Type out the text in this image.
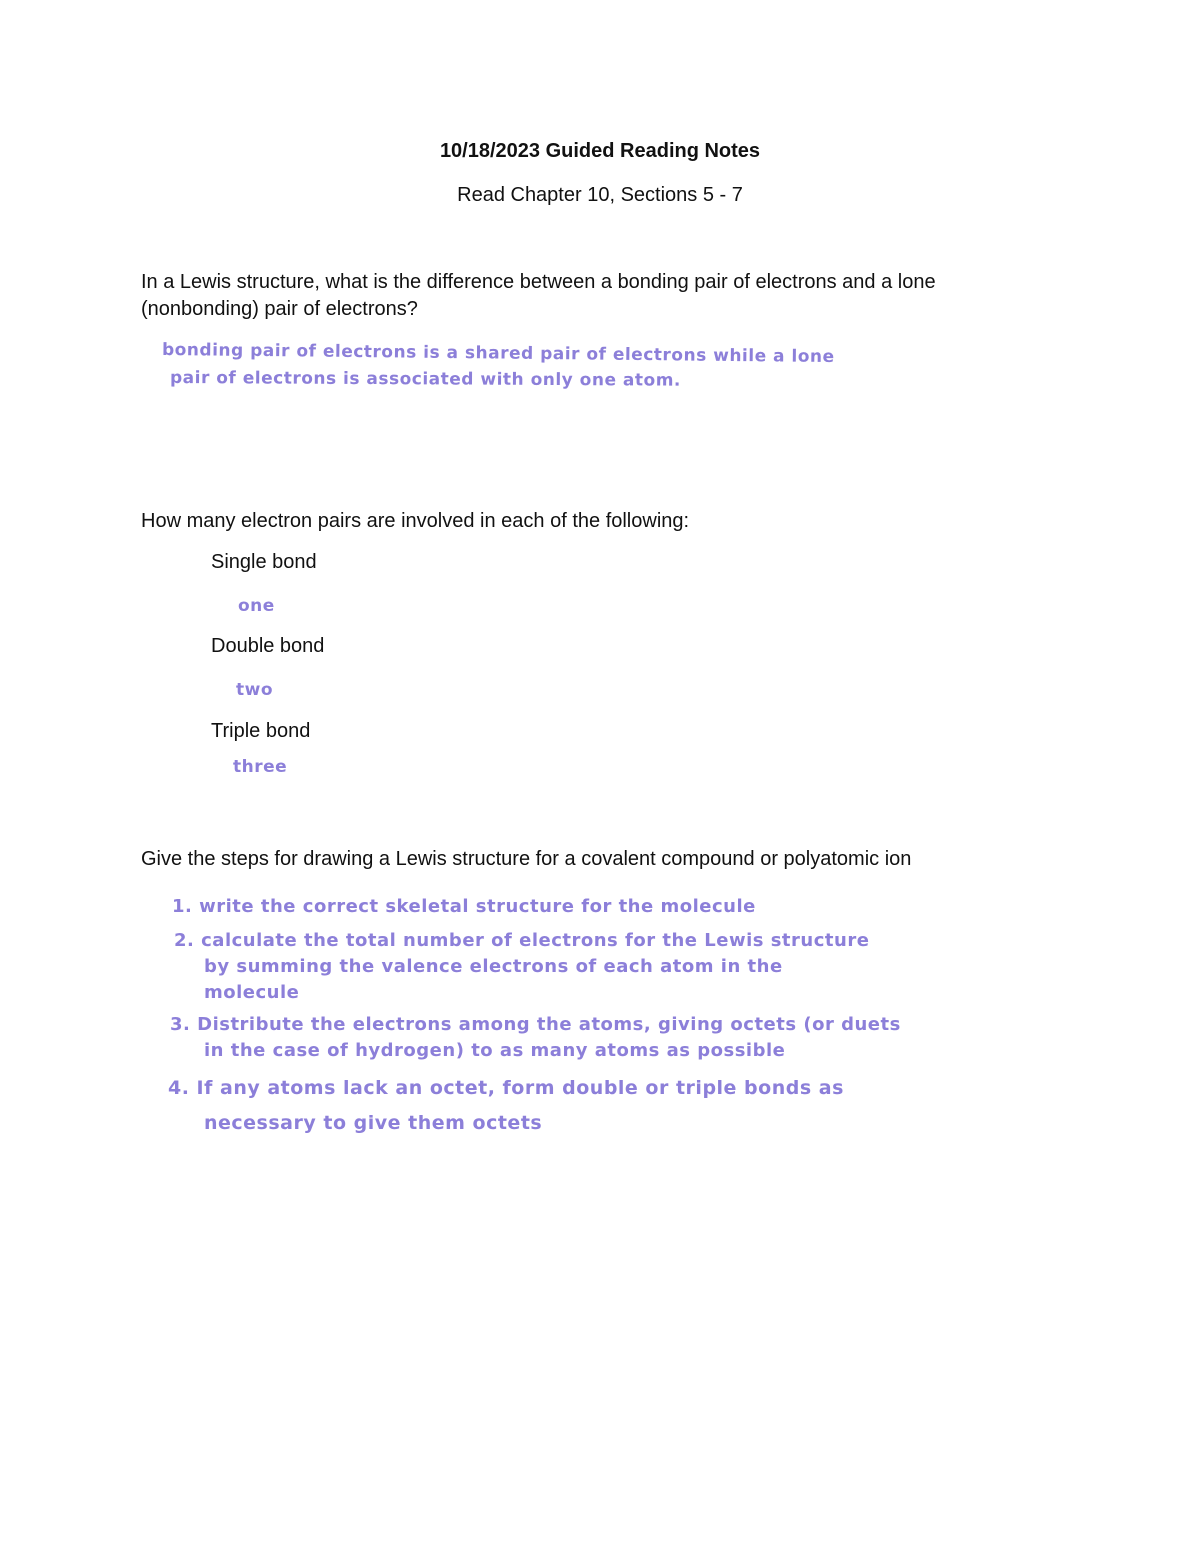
10/18/2023 Guided Reading Notes
Read Chapter 10, Sections 5 - 7
In a Lewis structure, what is the difference between a bonding pair of electrons and a lone (nonbonding) pair of electrons?
bonding pair of electrons is a shared pair of electrons while a lone
pair of electrons is associated with only one atom.
How many electron pairs are involved in each of the following:
Single bond
one
Double bond
two
Triple bond
three
Give the steps for drawing a Lewis structure for a covalent compound or polyatomic ion
1. write the correct skeletal structure for the molecule
2. calculate the total number of electrons for the Lewis structure
by summing the valence electrons of each atom in the
molecule
3. Distribute the electrons among the atoms, giving octets (or duets
in the case of hydrogen) to as many atoms as possible
4. If any atoms lack an octet, form double or triple bonds as
necessary to give them octets
